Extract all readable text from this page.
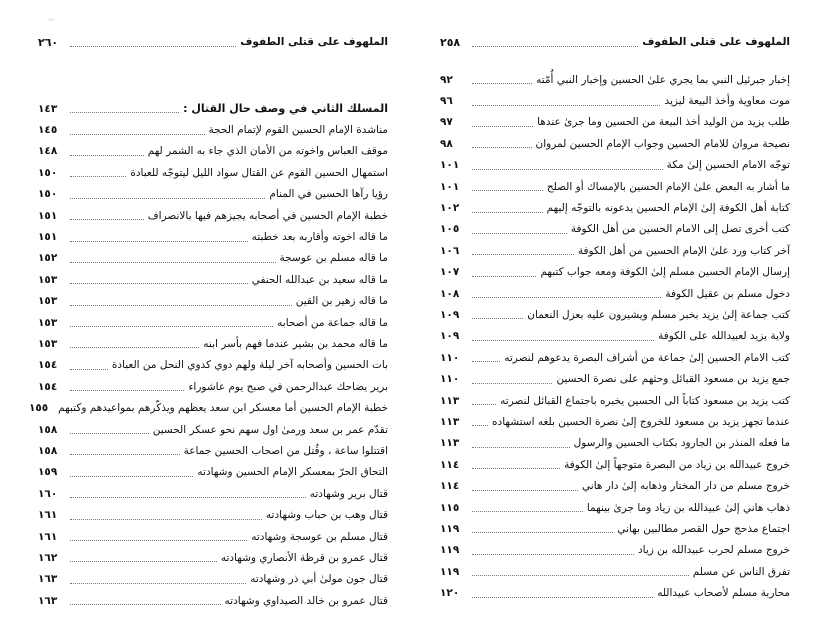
الملهوف على قتلى الطفوف
٢٦٠
المسلك الثاني في وصف حال القتال :
١٤٣
مناشدة الإمام الحسين القوم لإتمام الحجة
١٤٥
موقف العباس واخوته من الأمان الذي جاء به الشمر لهم
١٤٨
استمهال الحسين القوم عن القتال سواد الليل ليتوجّه للعبادة
١٥٠
رؤيا رآها الحسين في المنام
١٥٠
خطبة الإمام الحسين في أصحابه يجيزهم فيها بالانصراف
١٥١
ما قاله اخوته وأقاربه بعد خطبته
١٥١
ما قاله مسلم بن عوسجة
١٥٢
ما قاله سعيد بن عبدالله الحنفي
١٥٣
ما قاله زهير بن القين
١٥٣
ما قاله جماعة من أصحابه
١٥٣
ما قاله محمد بن بشير عندما فهم بأسر ابنه
١٥٣
بات الحسين وأصحابه آخر ليلة ولهم دوي كدوي النحل من العبادة
١٥٤
برير يضاحك عبدالرحمن في صبح يوم عاشوراء
١٥٤
خطبة الإمام الحسين أما معسكر ابن سعد يعظهم ويذكّرهم بمواعيدهم وكتبهم
١٥٥
تقدّم عمر بن سعد ورمىٰ اول سهم نحو عسكر الحسين
١٥٨
اقتتلوا ساعة ، وقُتل من اصحاب الحسين جماعة
١٥٨
التحاق الحرّ بمعسكر الإمام الحسين وشهادته
١٥٩
قتال برير وشهادته
١٦٠
قتال وهب بن حباب وشهادته
١٦١
قتال مسلم بن عوسجة وشهادته
١٦١
قتال عمرو بن قرظة الأنصاري وشهادته
١٦٢
قتال جون مولىٰ أبي ذر وشهادته
١٦٣
قتال عمرو بن خالد الصيداوي وشهادته
١٦٣
الملهوف على قتلى الطفوف
٢٥٨
إخبار جبرئيل النبي بما يجري علىٰ الحسين وإخبار النبي أُمّته
٩٢
موت معاوية وأخذ البيعة ليزيد
٩٦
طلب يزيد من الوليد أخذ البيعة من الحسين وما جرىٰ عندها
٩٧
نصيحة مروان للامام الحسين وجواب الإمام الحسين لمروان
٩٨
توجّه الامام الحسين إلىٰ مكة
١٠١
ما أشار به البعض علىٰ الإمام الحسين بالإمساك أو الصلح
١٠١
كتابة أهل الكوفة إلىٰ الإمام الحسين يدعونه بالتوجّه إليهم
١٠٢
كتب أخرى تصل إلى الامام الحسين من أهل الكوفة
١٠٥
آخر كتاب ورد علىٰ الإمام الحسين من أهل الكوفة
١٠٦
إرسال الإمام الحسين مسلم إلىٰ الكوفة ومعه جواب كتبهم
١٠٧
دخول مسلم بن عقيل الكوفة
١٠٨
كتب جماعة إلىٰ يزيد بخبر مسلم ويشيرون عليه بعزل النعمان
١٠٩
ولاية يزيد لعبيدالله على الكوفة
١٠٩
كتب الامام الحسين إلىٰ جماعة من أشراف البصرة يدعوهم لنصرته
١١٠
جمع يزيد بن مسعود القبائل وحثهم على نصرة الحسين
١١٠
كتب يزيد بن مسعود كتاباً الى الحسين يخبره باجتماع القبائل لنصرته
١١٣
عندما تجهز يزيد بن مسعود للخروج إلىٰ نصرة الحسين بلغه استشهاده
١١٣
ما فعله المنذر بن الجارود بكتاب الحسين والرسول
١١٣
خروج عبيدالله بن زياد من البصرة متوجهاً إلىٰ الكوفة
١١٤
خروج مسلم من دار المختار وذهابه إلىٰ دار هاني
١١٤
ذهاب هاني إلىٰ عبيدالله بن زياد وما جرىٰ بينهما
١١٥
اجتماع مذحج حول القصر مطالبين بهاني
١١٩
خروج مسلم لحرب عبيدالله بن زياد
١١٩
تفرق الناس عن مسلم
١١٩
محاربة مسلم لأصحاب عبيدالله
١٢٠
